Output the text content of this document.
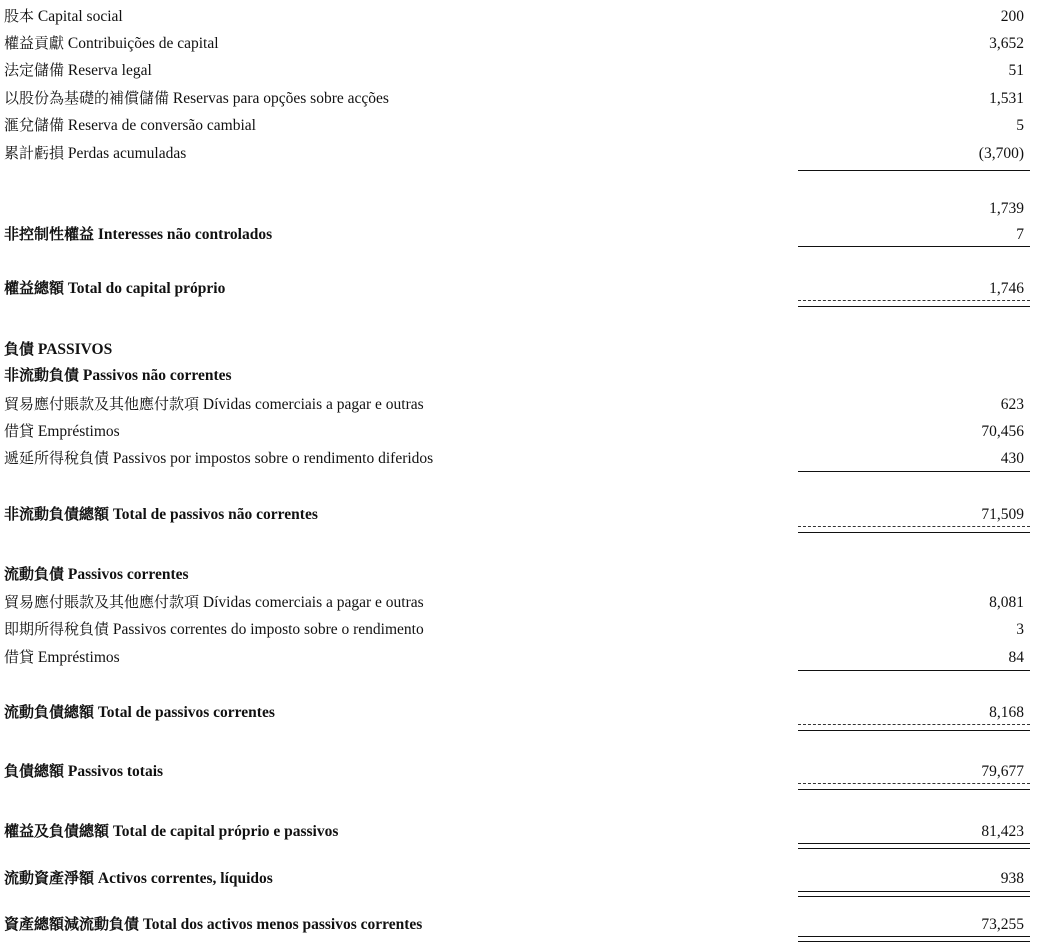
股本 Capital social	200
權益貢獻 Contribuições de capital	3,652
法定儲備 Reserva legal	51
以股份為基礎的補償儲備 Reservas para opções sobre acções	1,531
滙兌儲備 Reserva de conversão cambial	5
累計虧損 Perdas acumuladas	(3,700)
1,739
非控制性權益 Interesses não controlados	7
權益總額 Total do capital próprio	1,746
負債 PASSIVOS
非流動負債 Passivos não correntes
貿易應付賬款及其他應付款項 Dívidas comerciais a pagar e outras	623
借貸 Empréstimos	70,456
遞延所得稅負債 Passivos por impostos sobre o rendimento diferidos	430
非流動負債總額 Total de passivos não correntes	71,509
流動負債 Passivos correntes
貿易應付賬款及其他應付款項 Dívidas comerciais a pagar e outras	8,081
即期所得稅負債 Passivos correntes do imposto sobre o rendimento	3
借貸 Empréstimos	84
流動負債總額 Total de passivos correntes	8,168
負債總額 Passivos totais	79,677
權益及負債總額 Total de capital próprio e passivos	81,423
流動資產淨額 Activos correntes, líquidos	938
資產總額減流動負債 Total dos activos menos passivos correntes	73,255
